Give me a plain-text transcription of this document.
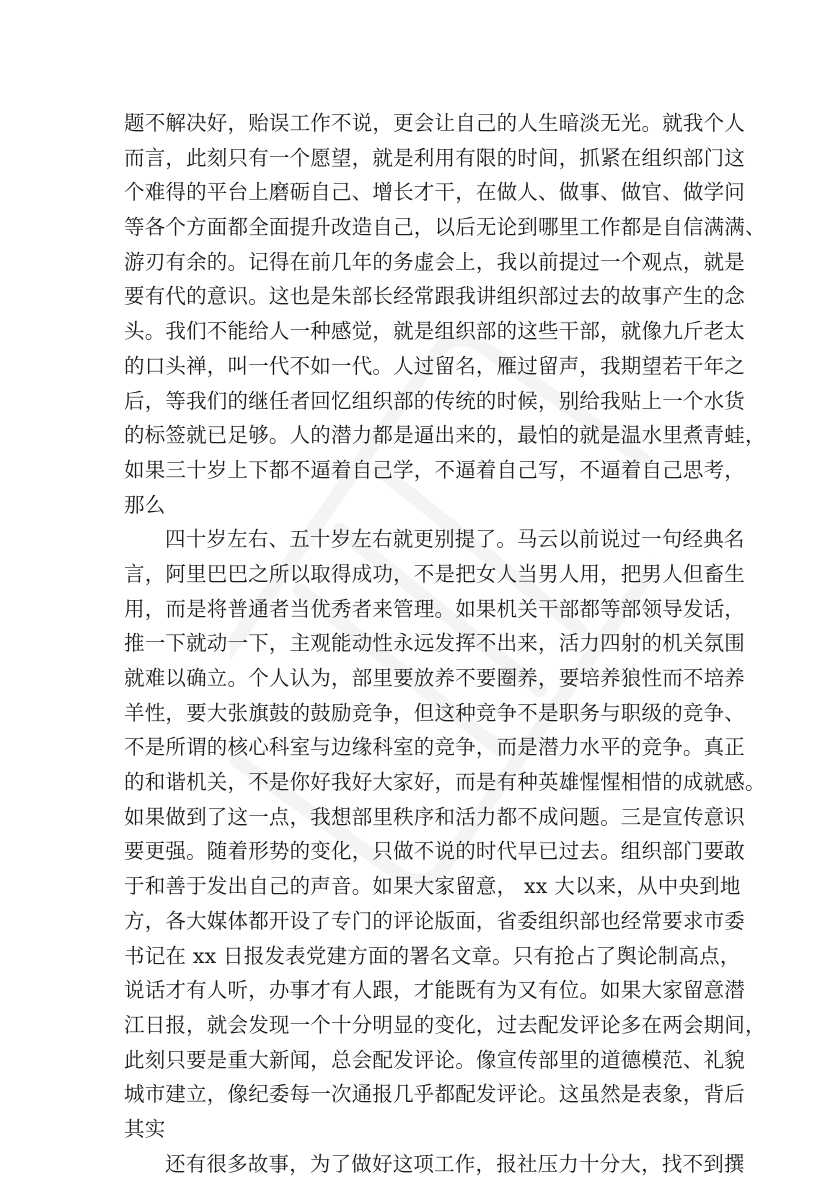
题不解决好，贻误工作不说，更会让自己的人生暗淡无光。就我个人
而言，此刻只有一个愿望，就是利用有限的时间，抓紧在组织部门这
个难得的平台上磨砺自己、增长才干，在做人、做事、做官、做学问
等各个方面都全面提升改造自己，以后无论到哪里工作都是自信满满、
游刃有余的。记得在前几年的务虚会上，我以前提过一个观点，就是
要有代的意识。这也是朱部长经常跟我讲组织部过去的故事产生的念
头。我们不能给人一种感觉，就是组织部的这些干部，就像九斤老太
的口头禅，叫一代不如一代。人过留名，雁过留声，我期望若干年之
后，等我们的继任者回忆组织部的传统的时候，别给我贴上一个水货
的标签就已足够。人的潜力都是逼出来的，最怕的就是温水里煮青蛙，
如果三十岁上下都不逼着自己学，不逼着自己写，不逼着自己思考，
那么
四十岁左右、五十岁左右就更别提了。马云以前说过一句经典名
言，阿里巴巴之所以取得成功，不是把女人当男人用，把男人但畜生
用，而是将普通者当优秀者来管理。如果机关干部都等部领导发话，
推一下就动一下，主观能动性永远发挥不出来，活力四射的机关氛围
就难以确立。个人认为，部里要放养不要圈养，要培养狼性而不培养
羊性，要大张旗鼓的鼓励竞争，但这种竞争不是职务与职级的竞争、
不是所谓的核心科室与边缘科室的竞争，而是潜力水平的竞争。真正
的和谐机关，不是你好我好大家好，而是有种英雄惺惺相惜的成就感。
如果做到了这一点，我想部里秩序和活力都不成问题。三是宣传意识
要更强。随着形势的变化，只做不说的时代早已过去。组织部门要敢
于和善于发出自己的声音。如果大家留意， xx 大以来，从中央到地
方，各大媒体都开设了专门的评论版面，省委组织部也经常要求市委
书记在 xx 日报发表党建方面的署名文章。只有抢占了舆论制高点，
说话才有人听，办事才有人跟，才能既有为又有位。如果大家留意潜
江日报，就会发现一个十分明显的变化，过去配发评论多在两会期间，
此刻只要是重大新闻，总会配发评论。像宣传部里的道德模范、礼貌
城市建立，像纪委每一次通报几乎都配发评论。这虽然是表象，背后
其实
还有很多故事，为了做好这项工作，报社压力十分大，找不到撰
